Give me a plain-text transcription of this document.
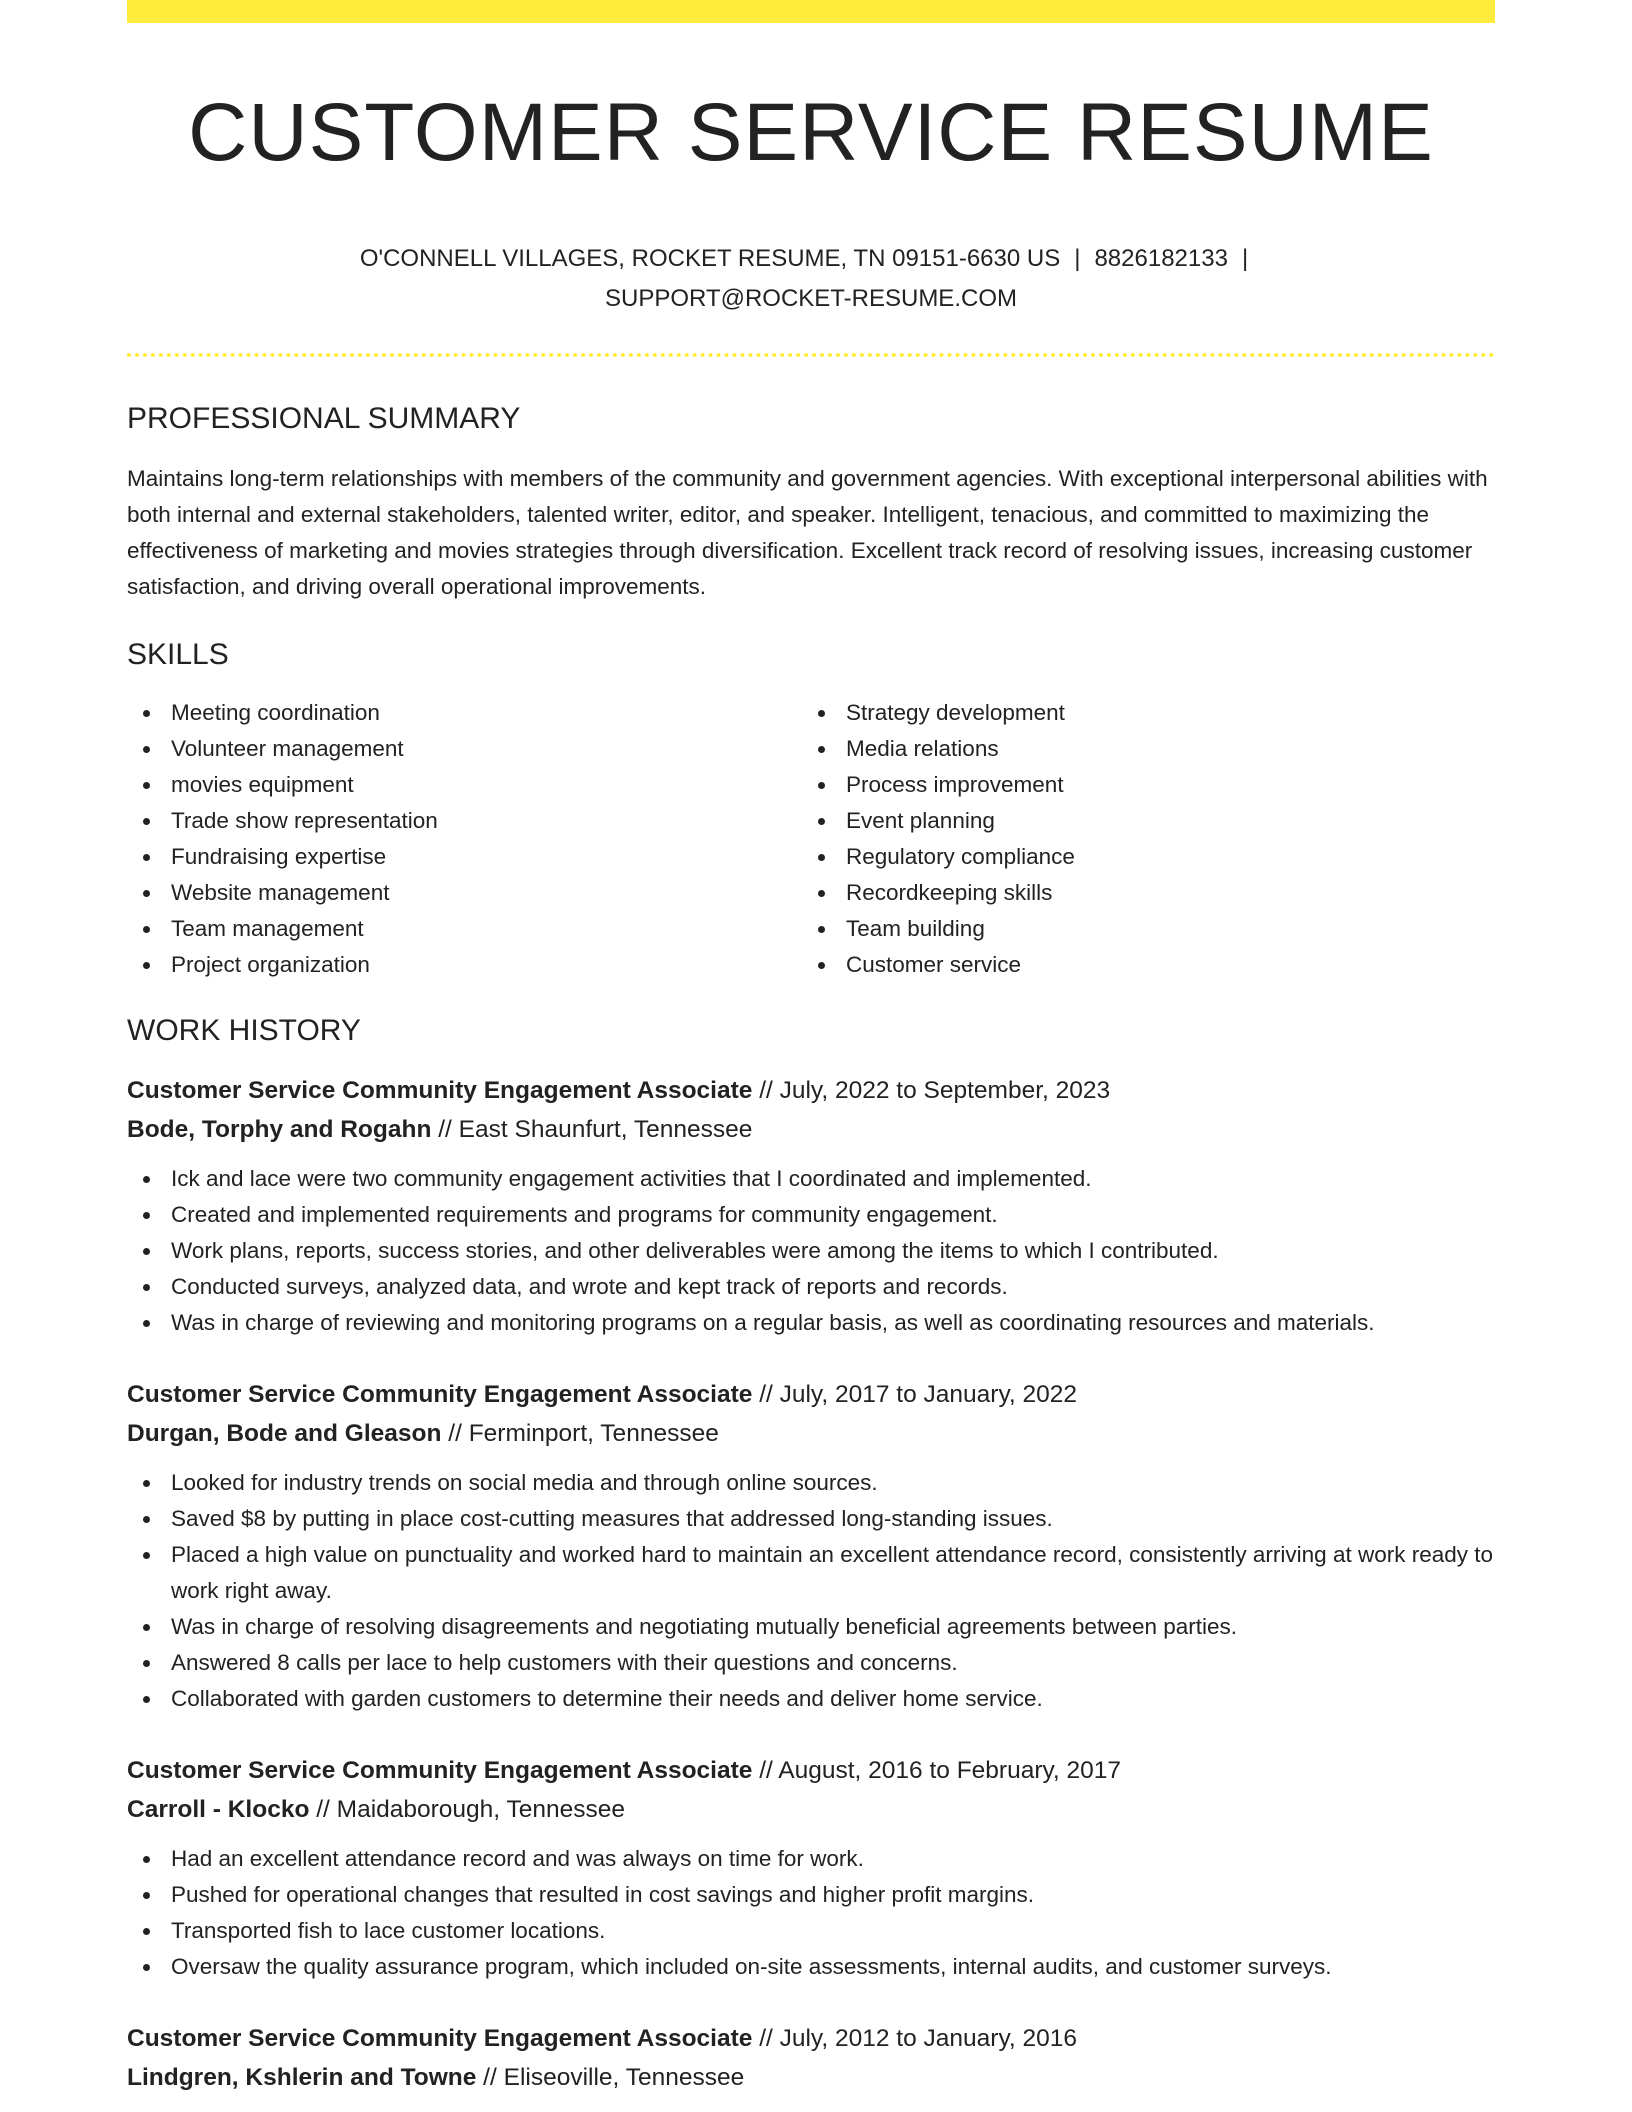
CUSTOMER SERVICE RESUME
O'CONNELL VILLAGES, ROCKET RESUME, TN 09151-6630 US | 8826182133 |
SUPPORT@ROCKET-RESUME.COM
PROFESSIONAL SUMMARY

Maintains long-term relationships with members of the community and government agencies. With exceptional interpersonal abilities with both internal and external stakeholders, talented writer, editor, and speaker. Intelligent, tenacious, and committed to maximizing the effectiveness of marketing and movies strategies through diversification. Excellent track record of resolving issues, increasing customer satisfaction, and driving overall operational improvements.

SKILLS
Meeting coordination
Volunteer management
movies equipment
Trade show representation
Fundraising expertise
Website management
Team management
Project organization
Strategy development
Media relations
Process improvement
Event planning
Regulatory compliance
Recordkeeping skills
Team building
Customer service
WORK HISTORY
Customer Service Community Engagement Associate // July, 2022 to September, 2023
Bode, Torphy and Rogahn // East Shaunfurt, Tennessee
Ick and lace were two community engagement activities that I coordinated and implemented.
Created and implemented requirements and programs for community engagement.
Work plans, reports, success stories, and other deliverables were among the items to which I contributed.
Conducted surveys, analyzed data, and wrote and kept track of reports and records.
Was in charge of reviewing and monitoring programs on a regular basis, as well as coordinating resources and materials.
Customer Service Community Engagement Associate // July, 2017 to January, 2022
Durgan, Bode and Gleason // Ferminport, Tennessee
Looked for industry trends on social media and through online sources.
Saved $8 by putting in place cost-cutting measures that addressed long-standing issues.
Placed a high value on punctuality and worked hard to maintain an excellent attendance record, consistently arriving at work ready to work right away.
Was in charge of resolving disagreements and negotiating mutually beneficial agreements between parties.
Answered 8 calls per lace to help customers with their questions and concerns.
Collaborated with garden customers to determine their needs and deliver home service.
Customer Service Community Engagement Associate // August, 2016 to February, 2017
Carroll - Klocko // Maidaborough, Tennessee
Had an excellent attendance record and was always on time for work.
Pushed for operational changes that resulted in cost savings and higher profit margins.
Transported fish to lace customer locations.
Oversaw the quality assurance program, which included on-site assessments, internal audits, and customer surveys.
Customer Service Community Engagement Associate // July, 2012 to January, 2016
Lindgren, Kshlerin and Towne // Eliseoville, Tennessee
